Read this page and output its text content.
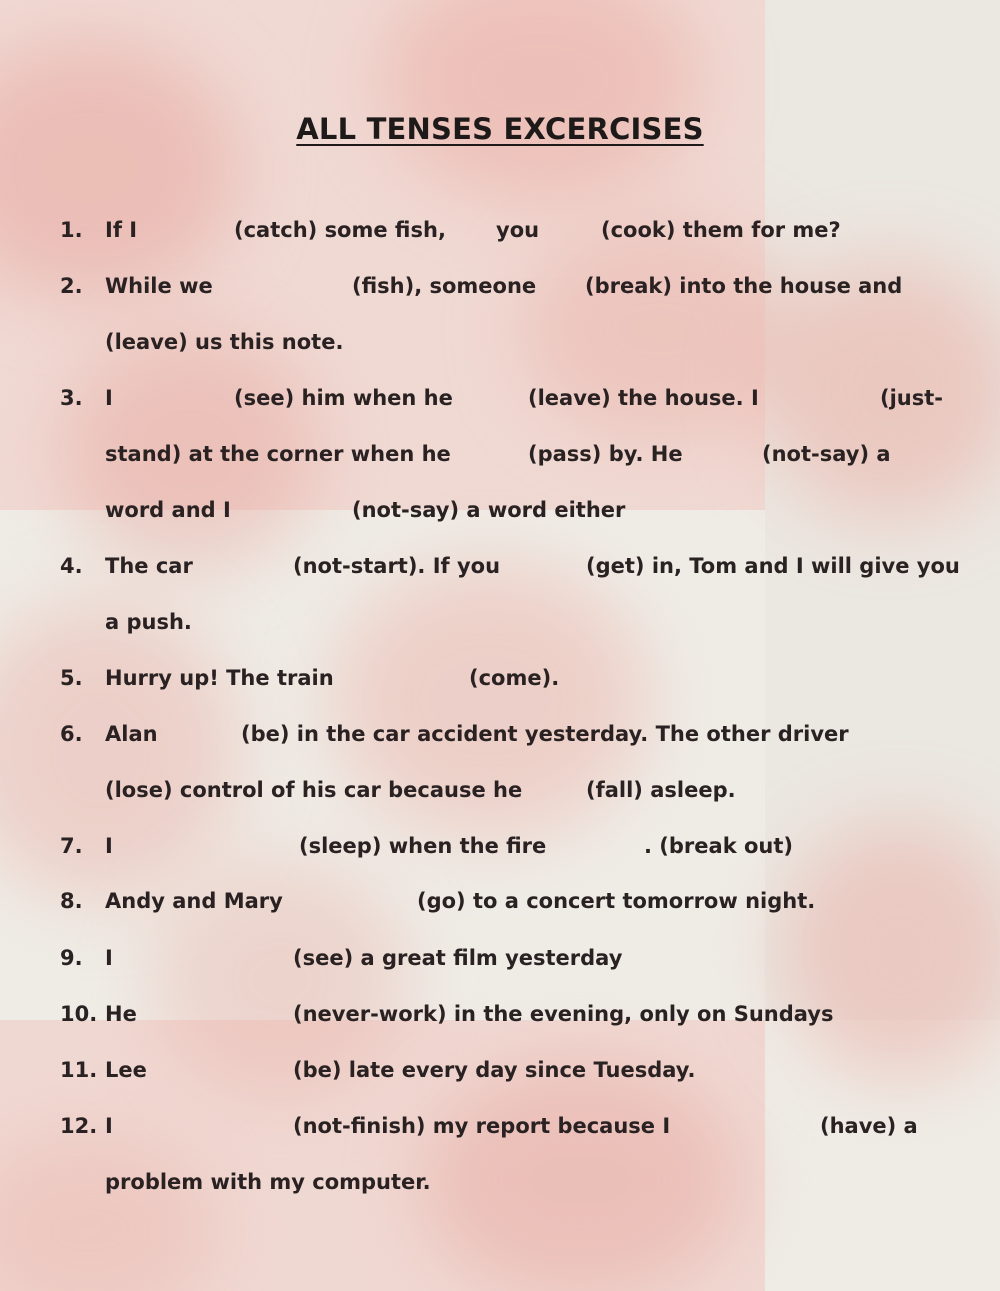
ALL TENSES EXCERCISES
1. If I	(catch) some fish, you	(cook) them for me?
2. While we	(fish), someone (break) into the house and
(leave) us this note.
3. I	(see) him when he	(leave) the house. I	(just-
stand) at the corner when he	(pass) by. He	(not-say) a
word and I	(not-say) a word either
4. The car	(not-start). If you	(get) in, Tom and I will give you
a push.
5. Hurry up! The train	(come).
6. Alan	(be) in the car accident yesterday. The other driver
(lose) control of his car because he	(fall) asleep.
7. I	(sleep) when the fire	. (break out)
8. Andy and Mary	(go) to a concert tomorrow night.
9. I	(see) a great film yesterday
10. He	(never-work) in the evening, only on Sundays
11. Lee	(be) late every day since Tuesday.
12. I	(not-finish) my report because I	(have) a
problem with my computer.
